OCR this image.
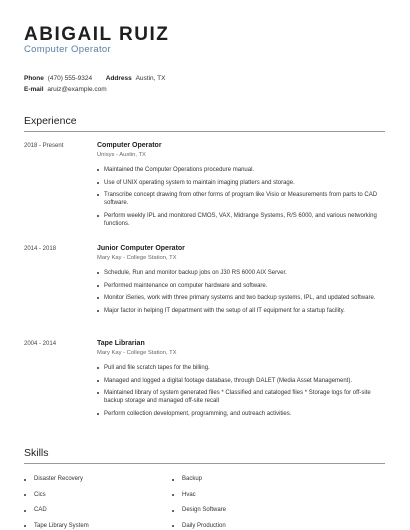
ABIGAIL RUIZ
Computer Operator
Phone (470) 555-9324 Address Austin, TX
E-mail aruiz@example.com
Experience
2018 - Present	Computer Operator
Unisys - Austin, TX
Maintained the Computer Operations procedure manual.
Use of UNIX operating system to maintain imaging platters and storage.
Transcribe concept drawing from other forms of program like Visio or Measurements from parts to CAD software.
Perform weekly IPL and monitored CMOS, VAX, Midrange Systems, R/S 6000, and various networking functions.
2014 - 2018	Junior Computer Operator
Mary Kay - College Station, TX
Schedule, Run and monitor backup jobs on J30 RS 6000 AIX Server.
Performed maintenance on computer hardware and software.
Monitor iSeries, work with three primary systems and two backup systems, IPL, and updated software.
Major factor in helping IT department with the setup of all IT equipment for a startup facility.
2004 - 2014	Tape Librarian
Mary Kay - College Station, TX
Pull and file scratch tapes for the billing.
Managed and logged a digital footage database, through DALET (Media Asset Management).
Maintained library of system generated files * Classified and cataloged files * Storage logs for off-site backup storage and managed off-site recall
Perform collection development, programming, and outreach activities.
Skills
Disaster Recovery
Cics
CAD
Tape Library System
Backup
Hvac
Design Software
Daily Production
